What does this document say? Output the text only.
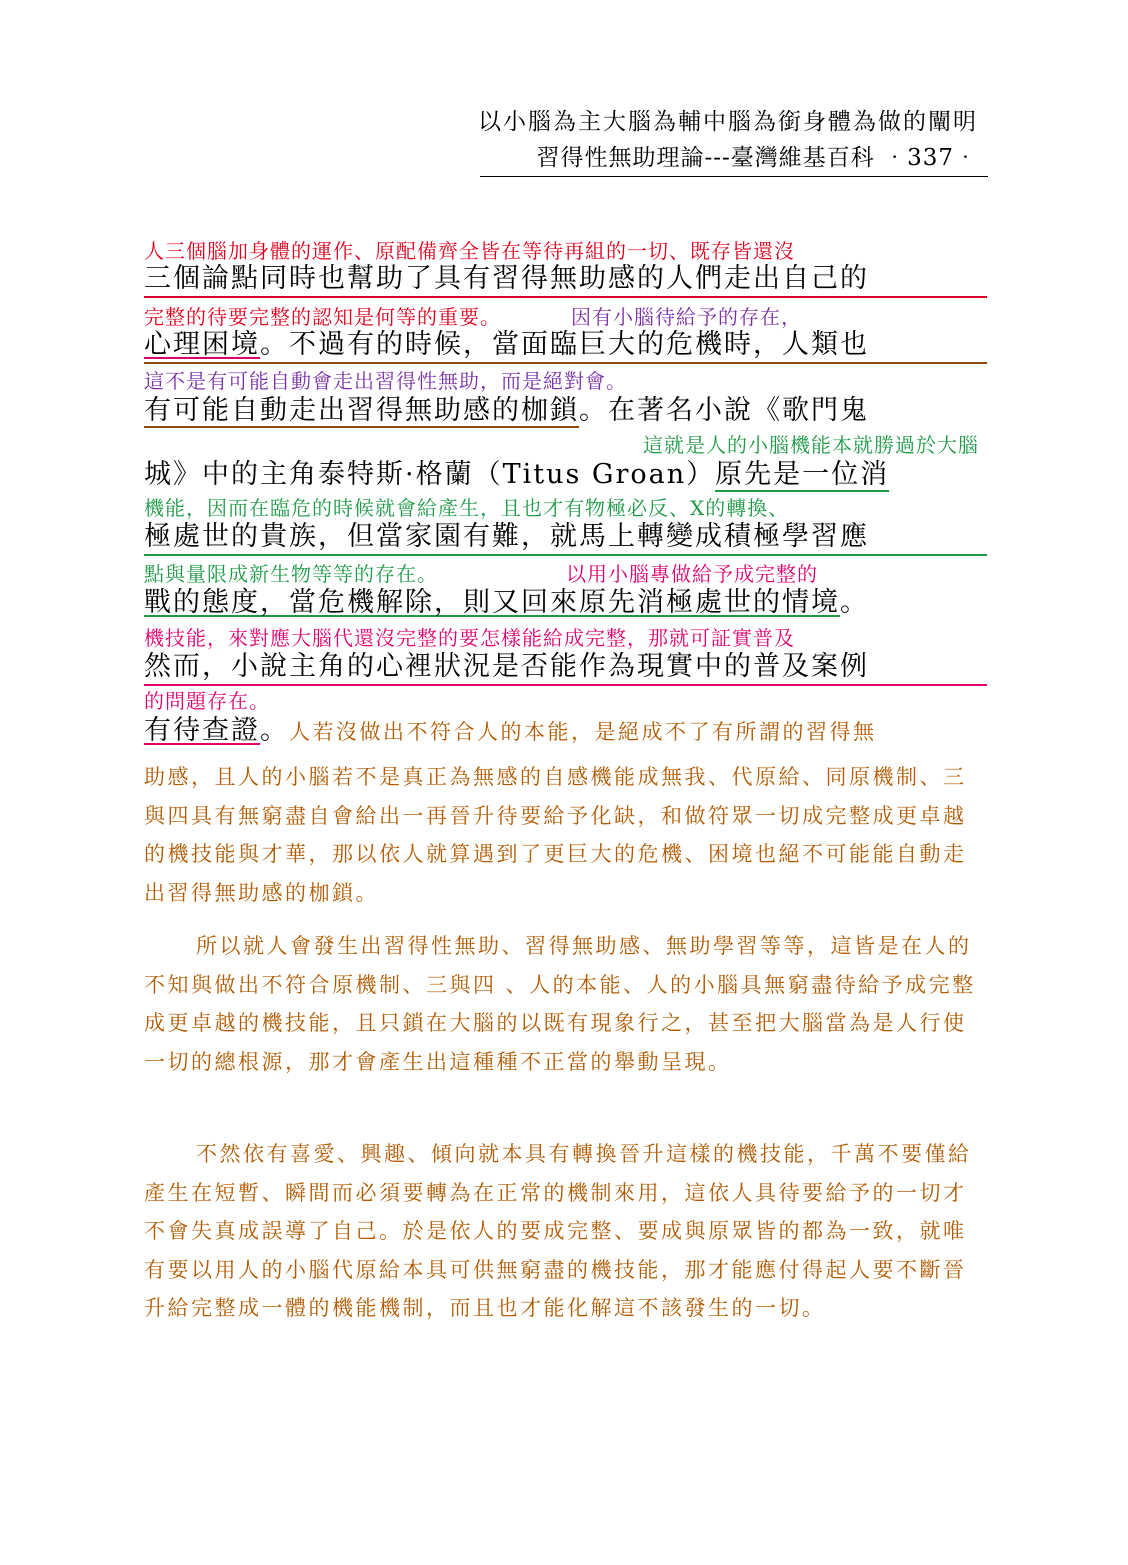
以小腦為主大腦為輔中腦為銜身體為做的闡明
習得性無助理論---臺灣維基百科 ‧337‧
人三個腦加身體的運作、原配備齊全皆在等待再組的一切、既存皆還沒
三個論點同時也幫助了具有習得無助感的人們走出自己的
完整的待要完整的認知是何等的重要。	因有小腦待給予的存在，
心理困境。不過有的時候，當面臨巨大的危機時，人類也
這不是有可能自動會走出習得性無助，而是絕對會。
有可能自動走出習得無助感的枷鎖。在著名小說《歌門鬼
這就是人的小腦機能本就勝過於大腦
城》中的主角泰特斯·格蘭（Titus Groan）原先是一位消
機能，因而在臨危的時候就會給產生，且也才有物極必反、X的轉換、
極處世的貴族，但當家園有難，就馬上轉變成積極學習應
點與量限成新生物等等的存在。	以用小腦專做給予成完整的
戰的態度，當危機解除，則又回來原先消極處世的情境。
機技能，來對應大腦代還沒完整的要怎樣能給成完整，那就可証實普及
然而，小說主角的心裡狀況是否能作為現實中的普及案例
的問題存在。
有待查證。人若沒做出不符合人的本能，是絕成不了有所謂的習得無
助感，且人的小腦若不是真正為無感的自感機能成無我、代原給、同原機制、三與四具有無窮盡自會給出一再晉升待要給予化缺，和做符眾一切成完整成更卓越的機技能與才華，那以依人就算遇到了更巨大的危機、困境也絕不可能能自動走出習得無助感的枷鎖。
所以就人會發生出習得性無助、習得無助感、無助學習等等，這皆是在人的不知與做出不符合原機制、三與四 、人的本能、人的小腦具無窮盡待給予成完整成更卓越的機技能，且只鎖在大腦的以既有現象行之，甚至把大腦當為是人行使一切的總根源，那才會產生出這種種不正當的舉動呈現。
不然依有喜愛、興趣、傾向就本具有轉換晉升這樣的機技能，千萬不要僅給產生在短暫、瞬間而必須要轉為在正常的機制來用，這依人具待要給予的一切才不會失真成誤導了自己。於是依人的要成完整、要成與原眾皆的都為一致，就唯有要以用人的小腦代原給本具可供無窮盡的機技能，那才能應付得起人要不斷晉升給完整成一體的機能機制，而且也才能化解這不該發生的一切。
